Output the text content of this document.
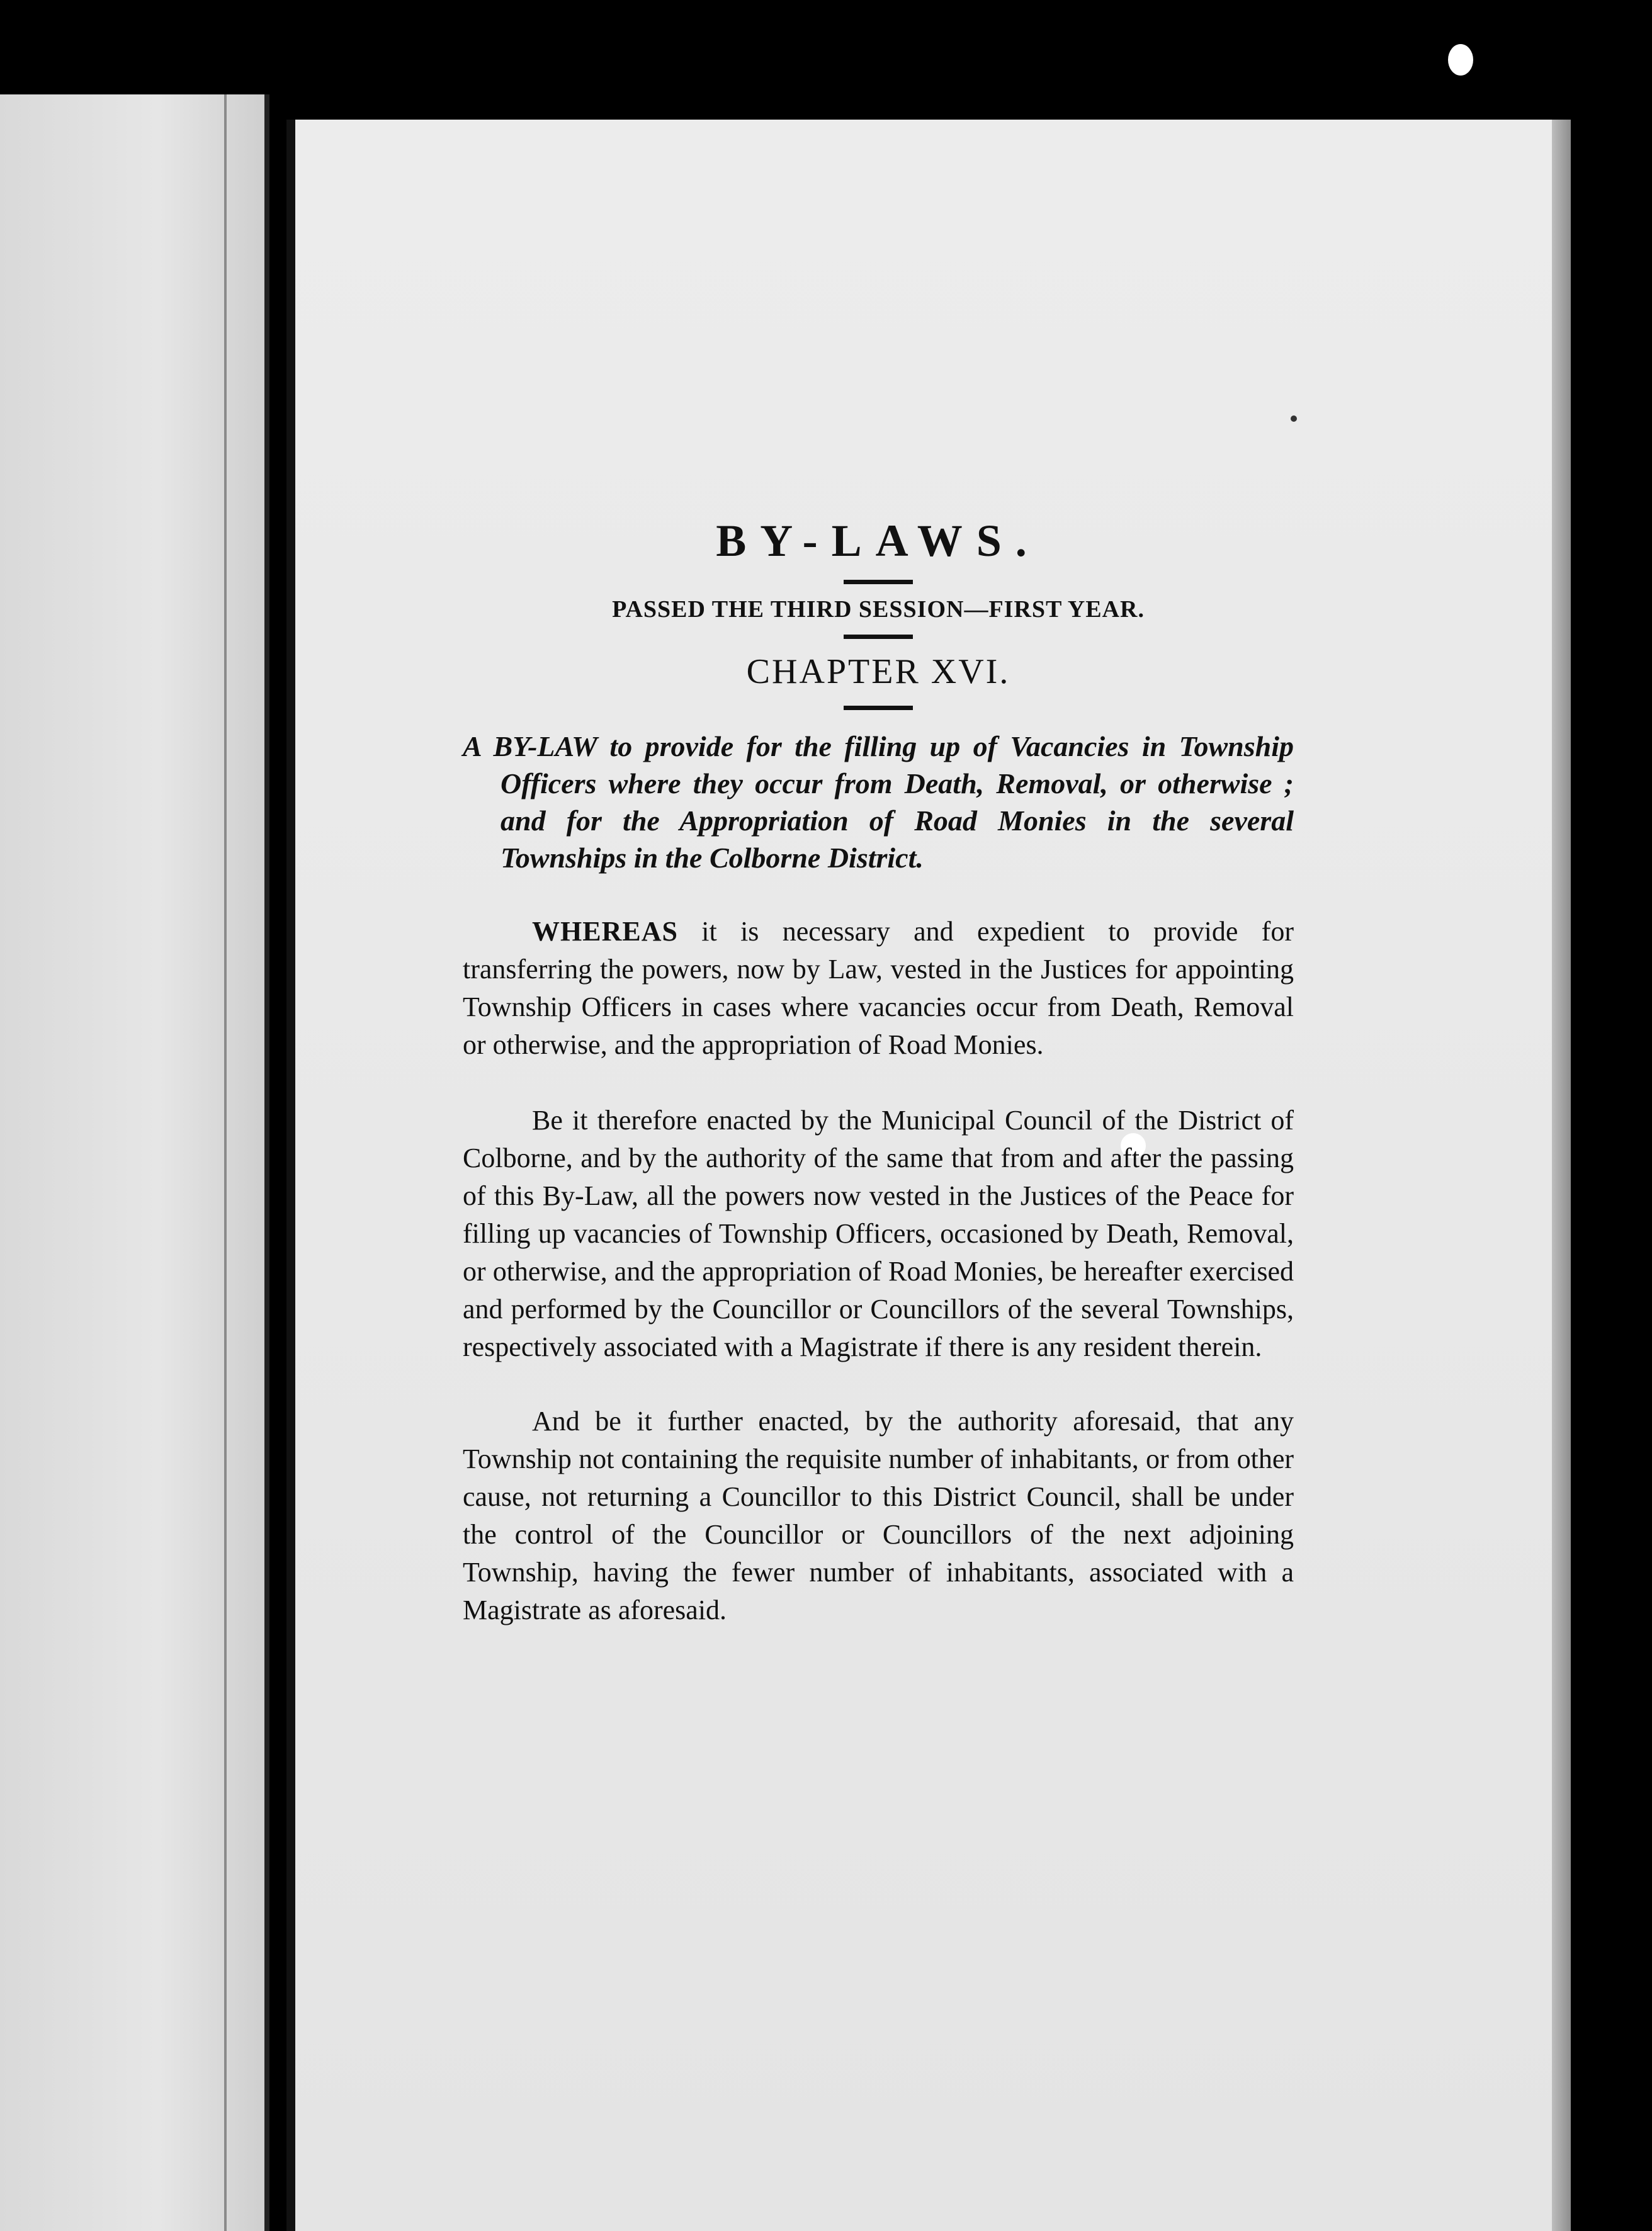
BY-LAWS.
PASSED THE THIRD SESSION—FIRST YEAR.
CHAPTER XVI.

A BY-LAW to provide for the filling up of Vacancies in Township Officers where they occur from Death, Removal, or otherwise ; and for the Appropriation of Road Monies in the several Townships in the Colborne District.

WHEREAS it is necessary and expedient to provide for transferring the powers, now by Law, vested in the Justices for appointing Township Officers in cases where vacancies occur from Death, Removal or otherwise, and the appropriation of Road Monies.

Be it therefore enacted by the Municipal Council of the District of Colborne, and by the authority of the same that from and after the passing of this By-Law, all the powers now vested in the Justices of the Peace for filling up vacancies of Township Officers, occasioned by Death, Removal, or otherwise, and the appropriation of Road Monies, be hereafter exercised and performed by the Councillor or Councillors of the several Townships, respectively associated with a Magistrate if there is any resident therein.

And be it further enacted, by the authority aforesaid, that any Township not containing the requisite number of inhabitants, or from other cause, not returning a Councillor to this District Council, shall be under the control of the Councillor or Councillors of the next adjoining Township, having the fewer number of inhabitants, associated with a Magistrate as aforesaid.
